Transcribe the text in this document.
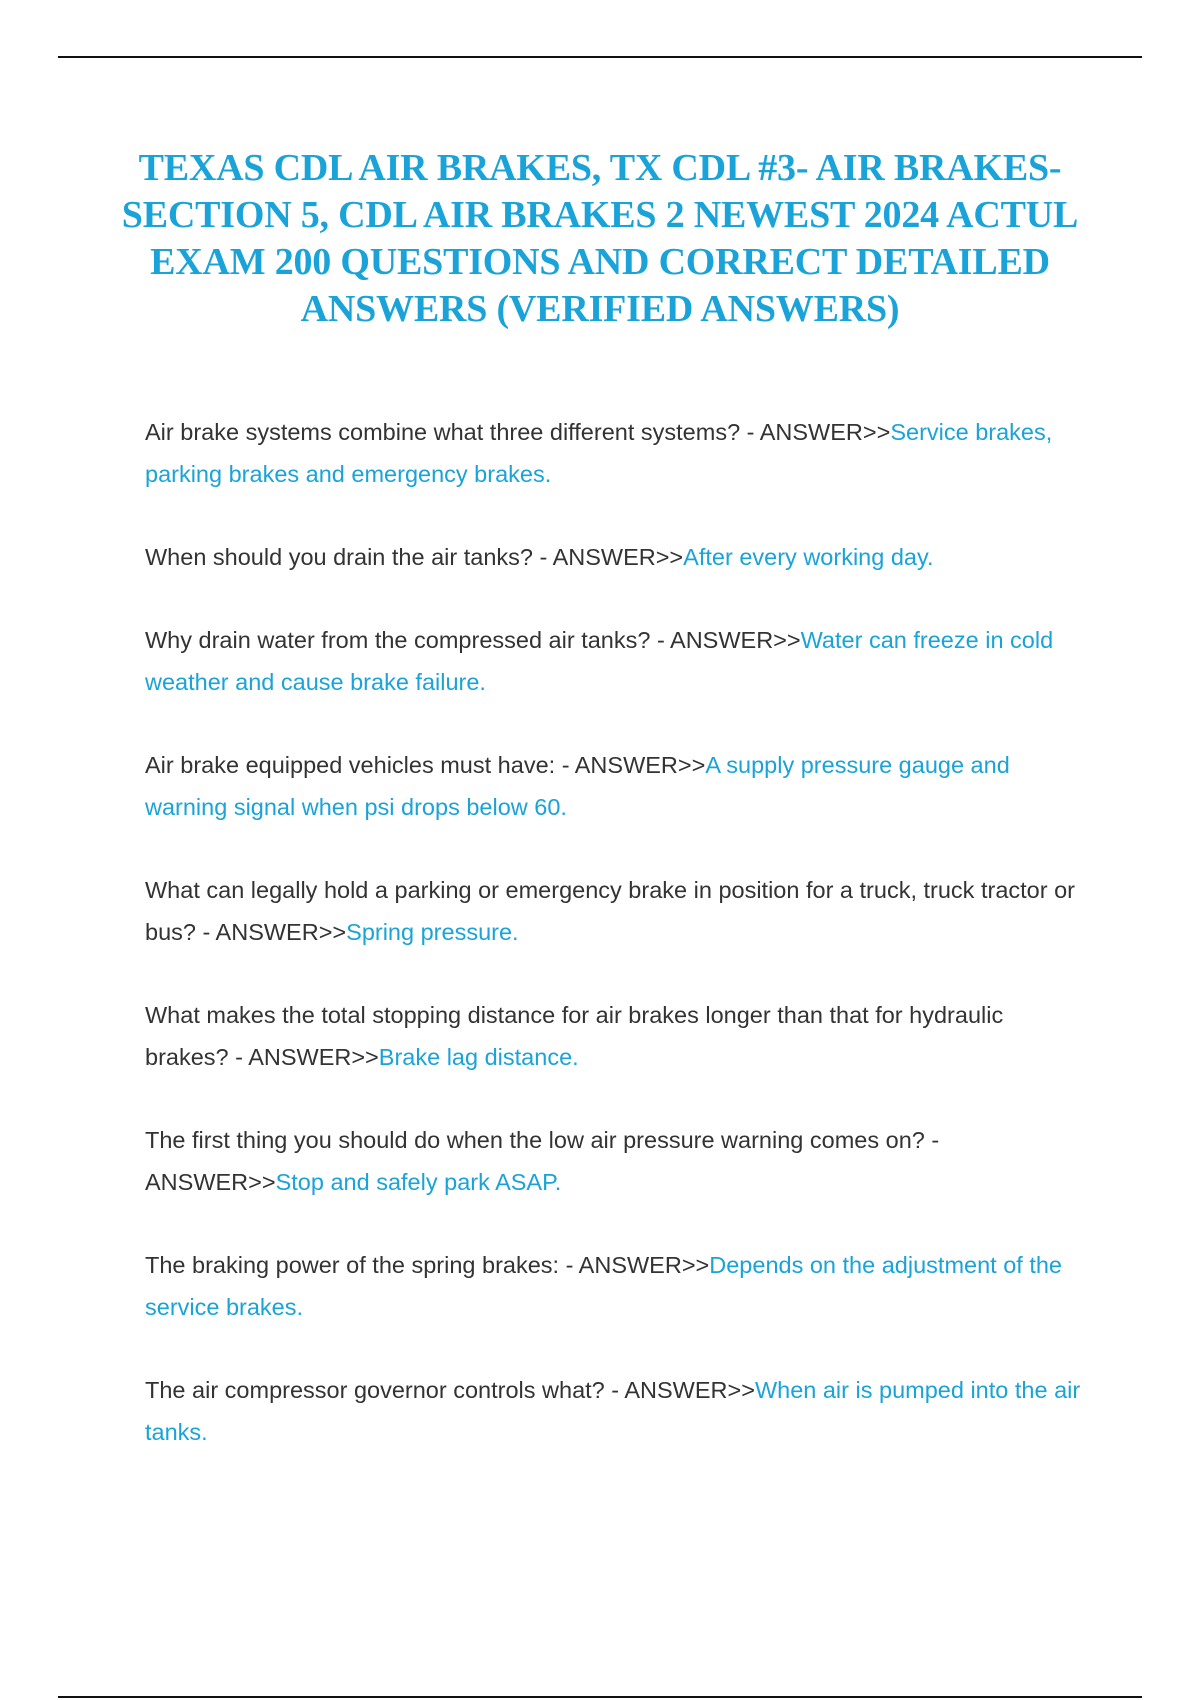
TEXAS CDL AIR BRAKES, TX CDL #3- AIR BRAKES- SECTION 5, CDL AIR BRAKES 2 NEWEST 2024 ACTUL EXAM 200 QUESTIONS AND CORRECT DETAILED ANSWERS (VERIFIED ANSWERS)
Air brake systems combine what three different systems? - ANSWER>>Service brakes, parking brakes and emergency brakes.
When should you drain the air tanks? - ANSWER>>After every working day.
Why drain water from the compressed air tanks? - ANSWER>>Water can freeze in cold weather and cause brake failure.
Air brake equipped vehicles must have: - ANSWER>>A supply pressure gauge and warning signal when psi drops below 60.
What can legally hold a parking or emergency brake in position for a truck, truck tractor or bus? - ANSWER>>Spring pressure.
What makes the total stopping distance for air brakes longer than that for hydraulic brakes? - ANSWER>>Brake lag distance.
The first thing you should do when the low air pressure warning comes on? - ANSWER>>Stop and safely park ASAP.
The braking power of the spring brakes: - ANSWER>>Depends on the adjustment of the service brakes.
The air compressor governor controls what? - ANSWER>>When air is pumped into the air tanks.
